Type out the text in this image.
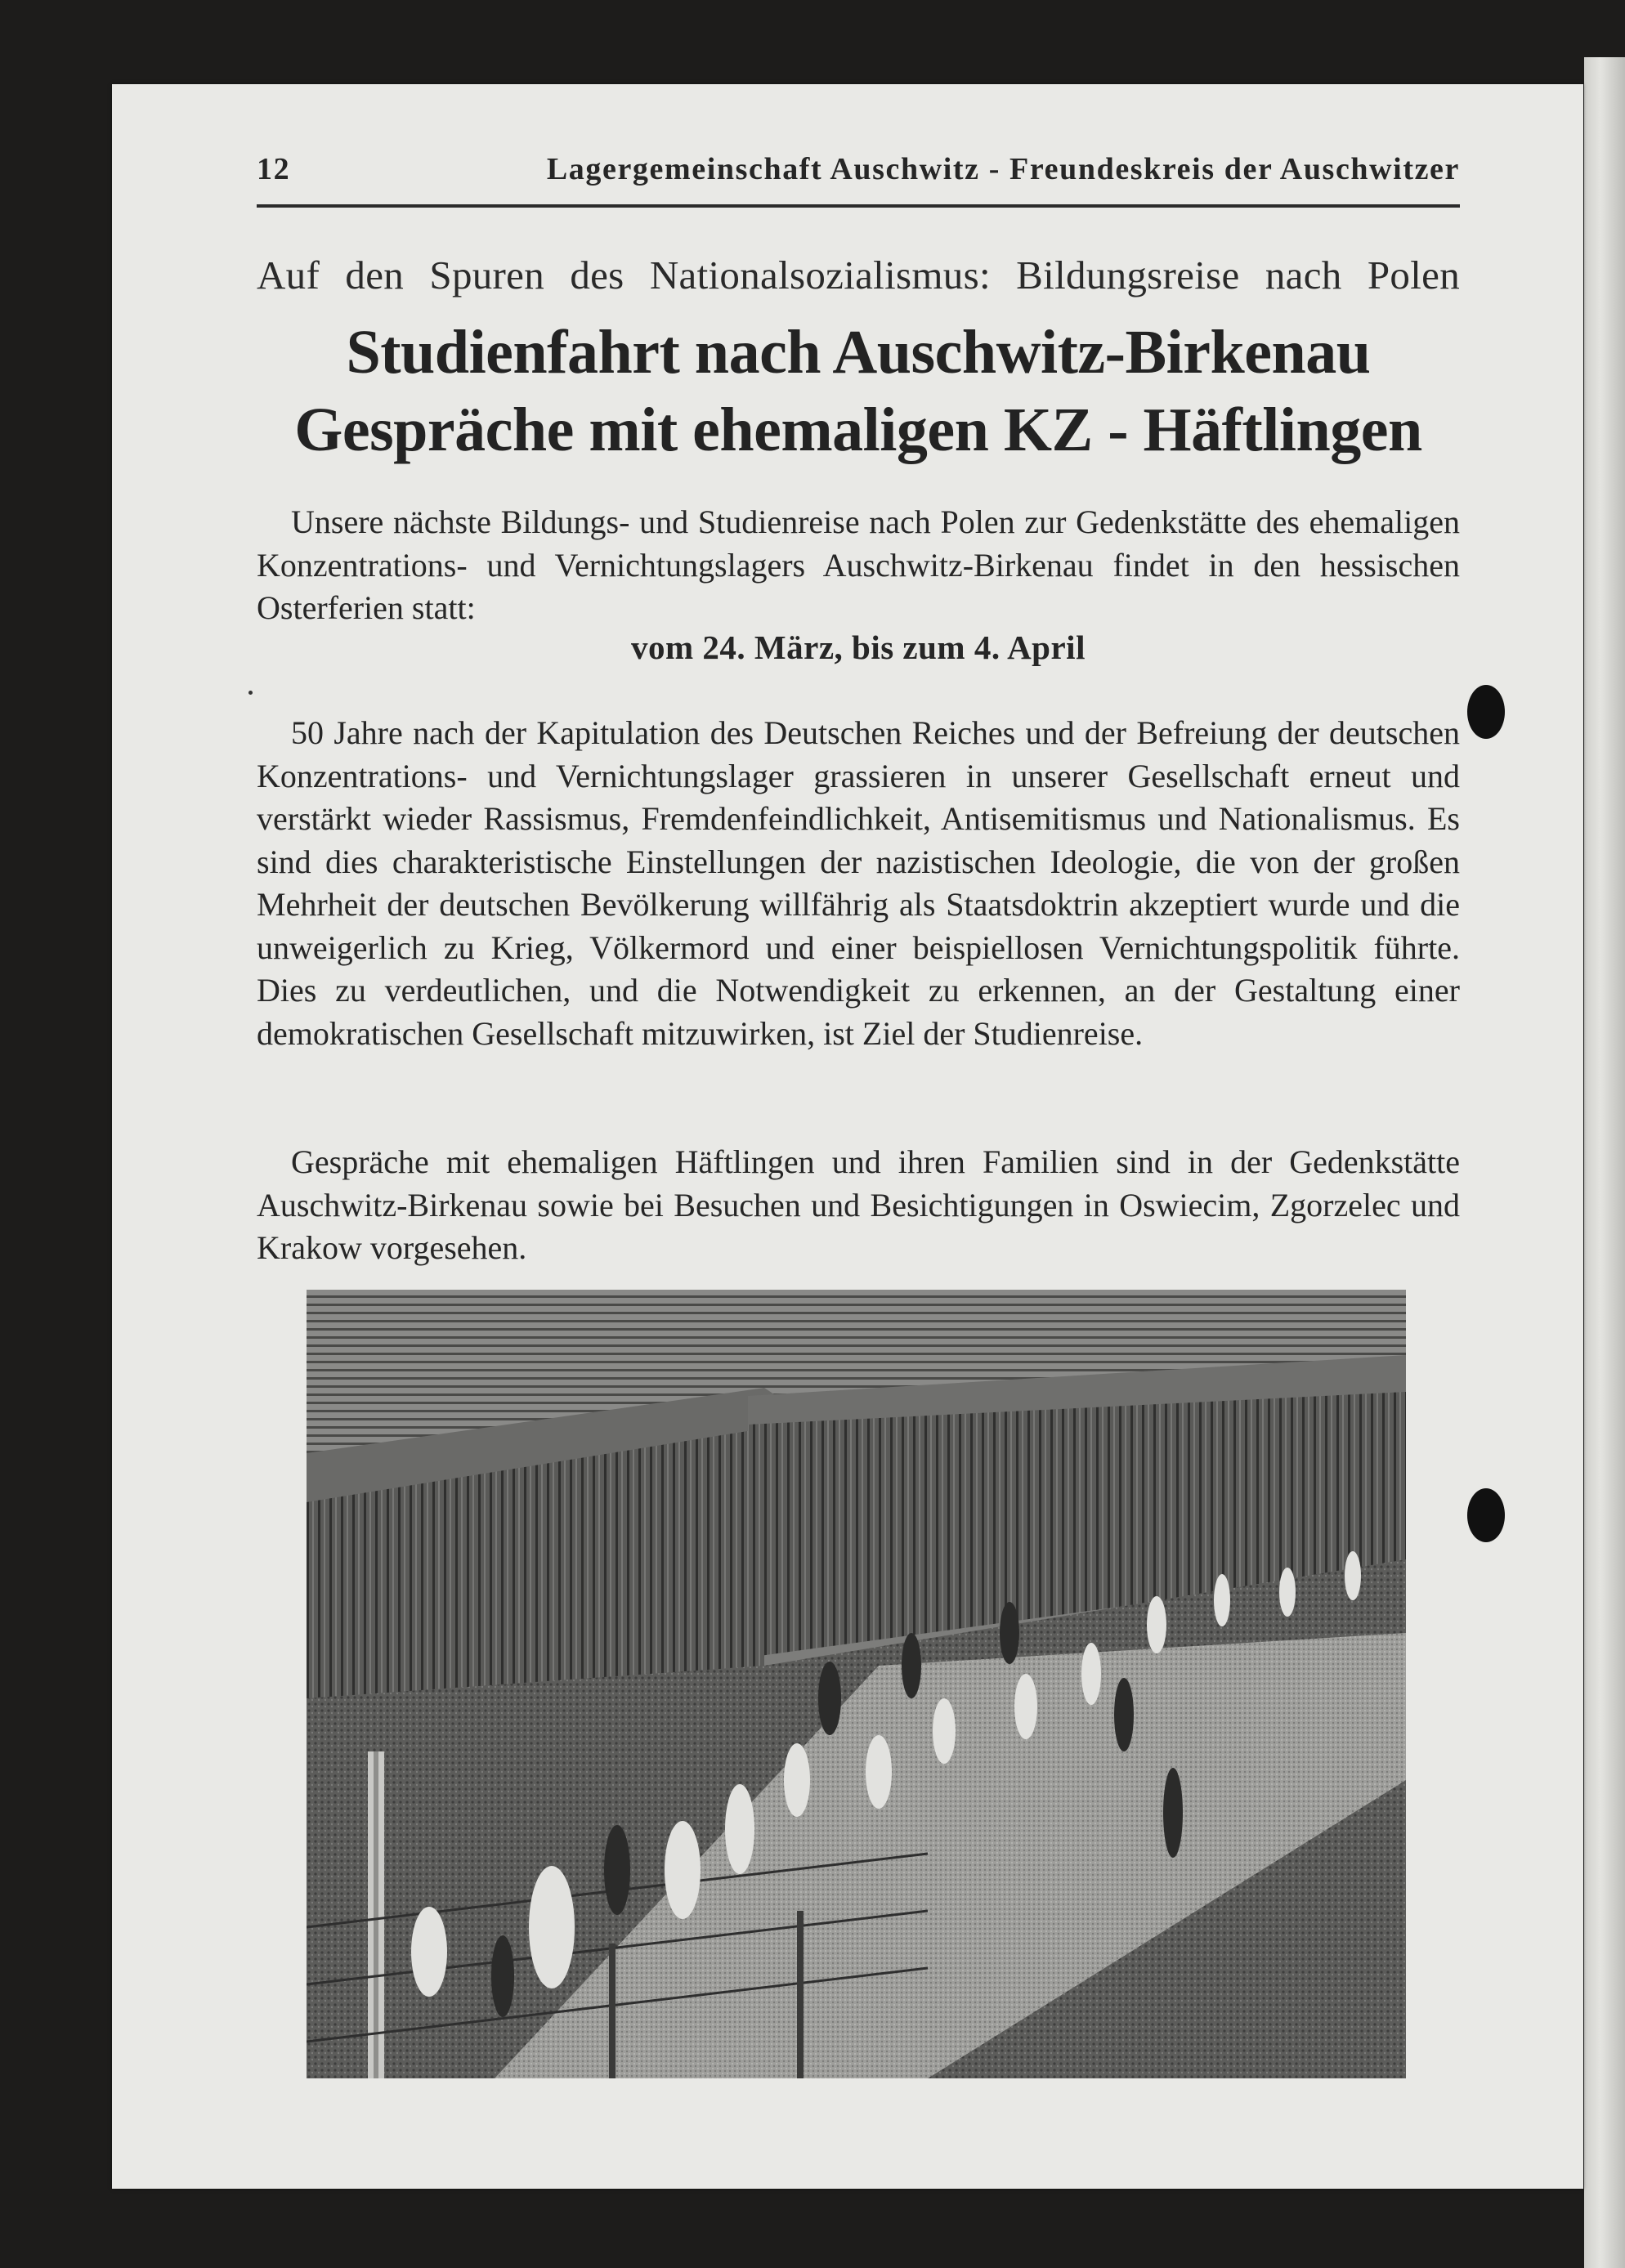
12	Lagergemeinschaft Auschwitz - Freundeskreis der Auschwitzer
Auf den Spuren des Nationalsozialismus: Bildungsreise nach Polen
Studienfahrt nach Auschwitz-Birkenau
Gespräche mit ehemaligen KZ - Häftlingen

Unsere nächste Bildungs- und Studienreise nach Polen zur Gedenkstätte des ehemaligen Konzentrations- und Vernichtungslagers Auschwitz-Birkenau findet in den hessischen Osterferien statt:

vom 24. März, bis zum 4. April

50 Jahre nach der Kapitulation des Deutschen Reiches und der Befreiung der deutschen Konzentrations- und Vernichtungslager grassieren in unserer Gesellschaft erneut und verstärkt wieder Rassismus, Fremdenfeindlichkeit, Antisemitismus und Nationalismus. Es sind dies charakteristische Einstellungen der nazistischen Ideologie, die von der großen Mehrheit der deutschen Bevölkerung willfährig als Staatsdoktrin akzeptiert wurde und die unweigerlich zu Krieg, Völkermord und einer beispiellosen Vernichtungspolitik führte. Dies zu verdeutlichen, und die Notwendigkeit zu erkennen, an der Gestaltung einer demokratischen Gesellschaft mitzuwirken, ist Ziel der Studienreise.

Gespräche mit ehemaligen Häftlingen und ihren Familien sind in der Gedenkstätte Auschwitz-Birkenau sowie bei Besuchen und Besichtigungen in Oswiecim, Zgorzelec und Krakow vorgesehen.
